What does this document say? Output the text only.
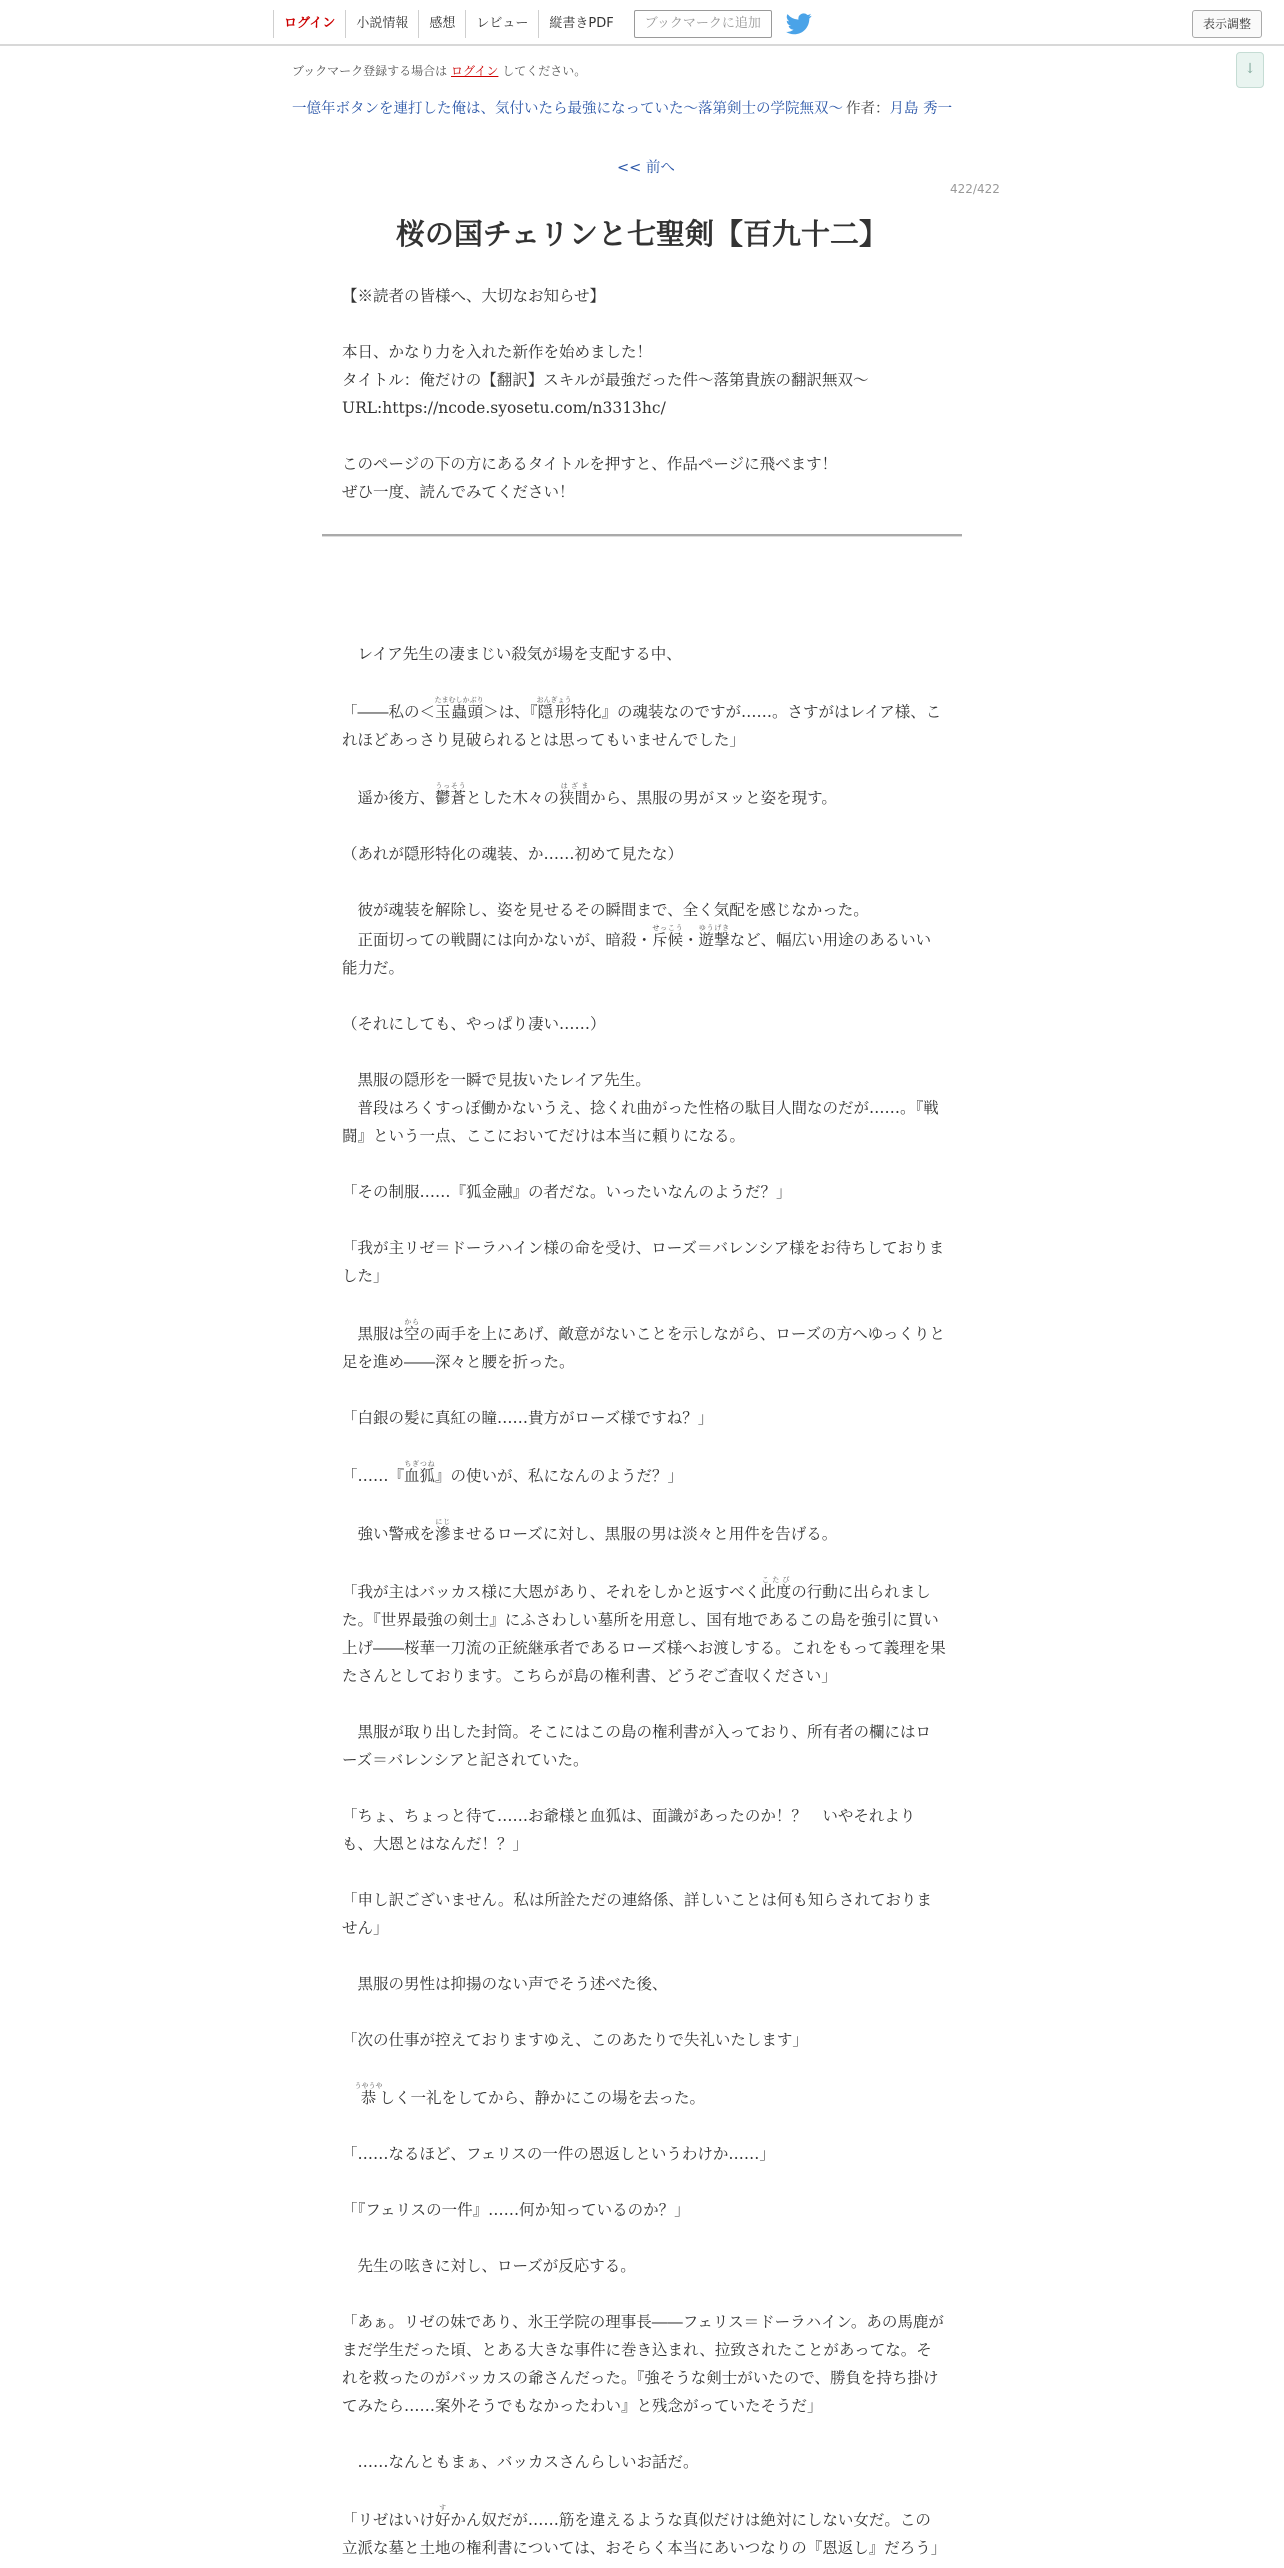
ログイン	小説情報	感想	レビュー	縦書きPDF	ブックマークに追加	表示調整
↓
ブックマーク登録する場合は ログイン してください。
一億年ボタンを連打した俺は、気付いたら最強になっていた～落第剣士の学院無双～ 作者：月島 秀一
<< 前へ
422/422
桜の国チェリンと七聖剣【百九十二】

【※読者の皆様へ、大切なお知らせ】

本日、かなり力を入れた新作を始めました！

タイトル：俺だけの【翻訳】スキルが最強だった件～落第貴族の翻訳無双～

URL:https://ncode.syosetu.com/n3313hc/

このページの下の方にあるタイトルを押すと、作品ページに飛べます！

ぜひ一度、読んでみてください！

　レイア先生の凄まじい殺気が場を支配する中、

「――私の＜玉蟲頭たまむしかぶり＞は、『隠形おんぎょう特化』の魂装なのですが……。さすがはレイア様、これほどあっさり見破られるとは思ってもいませんでした」

　遥か後方、鬱蒼うっそうとした木々の狭間はざまから、黒服の男がヌッと姿を現す。

（あれが隠形特化の魂装、か……初めて見たな）

　彼が魂装を解除し、姿を見せるその瞬間まで、全く気配を感じなかった。

　正面切っての戦闘には向かないが、暗殺・斥候せっこう・遊撃ゆうげきなど、幅広い用途のあるいい能力だ。

（それにしても、やっぱり凄い……）

　黒服の隠形を一瞬で見抜いたレイア先生。

　普段はろくすっぽ働かないうえ、捻くれ曲がった性格の駄目人間なのだが……。『戦闘』という一点、ここにおいてだけは本当に頼りになる。

「その制服……『狐金融』の者だな。いったいなんのようだ？」

「我が主リゼ＝ドーラハイン様の命を受け、ローズ＝バレンシア様をお待ちしておりました」

　黒服は空からの両手を上にあげ、敵意がないことを示しながら、ローズの方へゆっくりと足を進め――深々と腰を折った。

「白銀の髪に真紅の瞳……貴方がローズ様ですね？」

「……『血狐ちぎつね』の使いが、私になんのようだ？」

　強い警戒を滲にじませるローズに対し、黒服の男は淡々と用件を告げる。

「我が主はバッカス様に大恩があり、それをしかと返すべく此度こたびの行動に出られました。『世界最強の剣士』にふさわしい墓所を用意し、国有地であるこの島を強引に買い上げ――桜華一刀流の正統継承者であるローズ様へお渡しする。これをもって義理を果たさんとしております。こちらが島の権利書、どうぞご査収ください」

　黒服が取り出した封筒。そこにはこの島の権利書が入っており、所有者の欄にはローズ＝バレンシアと記されていた。

「ちょ、ちょっと待て……お爺様と血狐は、面識があったのか！？　いやそれよりも、大恩とはなんだ！？」

「申し訳ございません。私は所詮ただの連絡係、詳しいことは何も知らされておりません」

　黒服の男性は抑揚のない声でそう述べた後、

「次の仕事が控えておりますゆえ、このあたりで失礼いたします」

　恭うやうやしく一礼をしてから、静かにこの場を去った。

「……なるほど、フェリスの一件の恩返しというわけか……」

「『フェリスの一件』……何か知っているのか？」

　先生の呟きに対し、ローズが反応する。

「あぁ。リゼの妹であり、氷王学院の理事長――フェリス＝ドーラハイン。あの馬鹿がまだ学生だった頃、とある大きな事件に巻き込まれ、拉致されたことがあってな。それを救ったのがバッカスの爺さんだった。『強そうな剣士がいたので、勝負を持ち掛けてみたら……案外そうでもなかったわい』と残念がっていたそうだ」

　……なんともまぁ、バッカスさんらしいお話だ。

「リゼはいけ好すかん奴だが……筋を違えるような真似だけは絶対にしない女だ。この立派な墓と土地の権利書については、おそらく本当にあいつなりの『恩返し』だろう」
